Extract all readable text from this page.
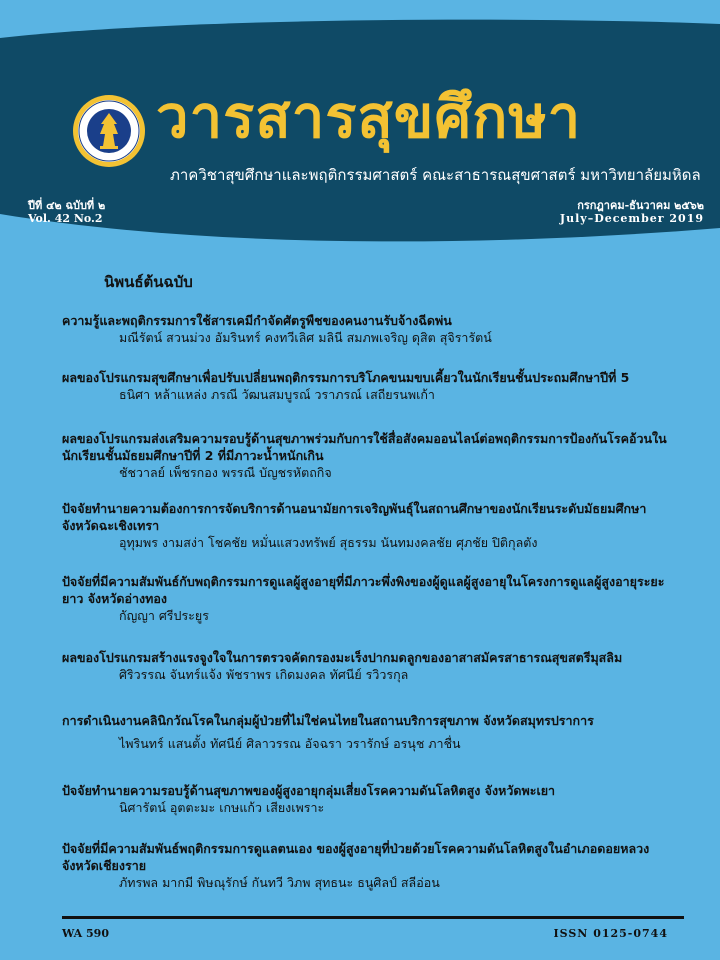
วารสารสุขศึกษา
ภาควิชาสุขศึกษาและพฤติกรรมศาสตร์ คณะสาธารณสุขศาสตร์ มหาวิทยาลัยมหิดล
ปีที่ ๔๒ ฉบับที่ ๒
Vol. 42 No.2
กรกฎาคม-ธันวาคม ๒๕๖๒
July–December 2019
นิพนธ์ต้นฉบับ
ความรู้และพฤติกรรมการใช้สารเคมีกำจัดศัตรูพืชของคนงานรับจ้างฉีดพ่น
มณีรัตน์ สวนม่วง อัมรินทร์ คงทวีเลิศ มลินี สมภพเจริญ ดุสิต สุจิรารัตน์
ผลของโปรแกรมสุขศึกษาเพื่อปรับเปลี่ยนพฤติกรรมการบริโภคขนมขบเคี้ยวในนักเรียนชั้นประถมศึกษาปีที่ 5
ธนิศา หล้าแหล่ง ภรณี วัฒนสมบูรณ์ วราภรณ์ เสถียรนพเก้า
ผลของโปรแกรมส่งเสริมความรอบรู้ด้านสุขภาพร่วมกับการใช้สื่อสังคมออนไลน์ต่อพฤติกรรมการป้องกันโรคอ้วนในนักเรียนชั้นมัธยมศึกษาปีที่ 2 ที่มีภาวะน้ำหนักเกิน
ชัชวาลย์ เพ็ชรกอง พรรณี บัญชรหัตถกิจ
ปัจจัยทำนายความต้องการการจัดบริการด้านอนามัยการเจริญพันธุ์ในสถานศึกษาของนักเรียนระดับมัธยมศึกษา จังหวัดฉะเชิงเทรา
อุทุมพร งามสง่า โชคชัย หมั่นแสวงทรัพย์ สุธรรม นันทมงคลชัย ศุภชัย ปิติกุลตัง
ปัจจัยที่มีความสัมพันธ์กับพฤติกรรมการดูแลผู้สูงอายุที่มีภาวะพึ่งพิงของผู้ดูแลผู้สูงอายุในโครงการดูแลผู้สูงอายุระยะยาว จังหวัดอ่างทอง
กัญญา ศรีประยูร
ผลของโปรแกรมสร้างแรงจูงใจในการตรวจคัดกรองมะเร็งปากมดลูกของอาสาสมัครสาธารณสุขสตรีมุสลิม
ศิริวรรณ จันทร์แจ้ง พัชราพร เกิดมงคล ทัศนีย์ รวิวรกุล
การดำเนินงานคลินิกวัณโรคในกลุ่มผู้ป่วยที่ไม่ใช่คนไทยในสถานบริการสุขภาพ จังหวัดสมุทรปราการ
ไพรินทร์ แสนตั้ง ทัศนีย์ ศิลาวรรณ อัจฉรา วรารักษ์ อรนุช ภาชื่น
ปัจจัยทำนายความรอบรู้ด้านสุขภาพของผู้สูงอายุกลุ่มเสี่ยงโรคความดันโลหิตสูง จังหวัดพะเยา
นิศารัตน์ อุตตะมะ เกษแก้ว เสียงเพราะ
ปัจจัยที่มีความสัมพันธ์พฤติกรรมการดูแลตนเอง ของผู้สูงอายุที่ป่วยด้วยโรคความดันโลหิตสูงในอำเภอดอยหลวง จังหวัดเชียงราย
ภัทรพล มากมี พิษณุรักษ์ กันทวี วิภพ สุทธนะ ธนูศิลป์ สลีอ่อน
WA 590	ISSN 0125-0744
